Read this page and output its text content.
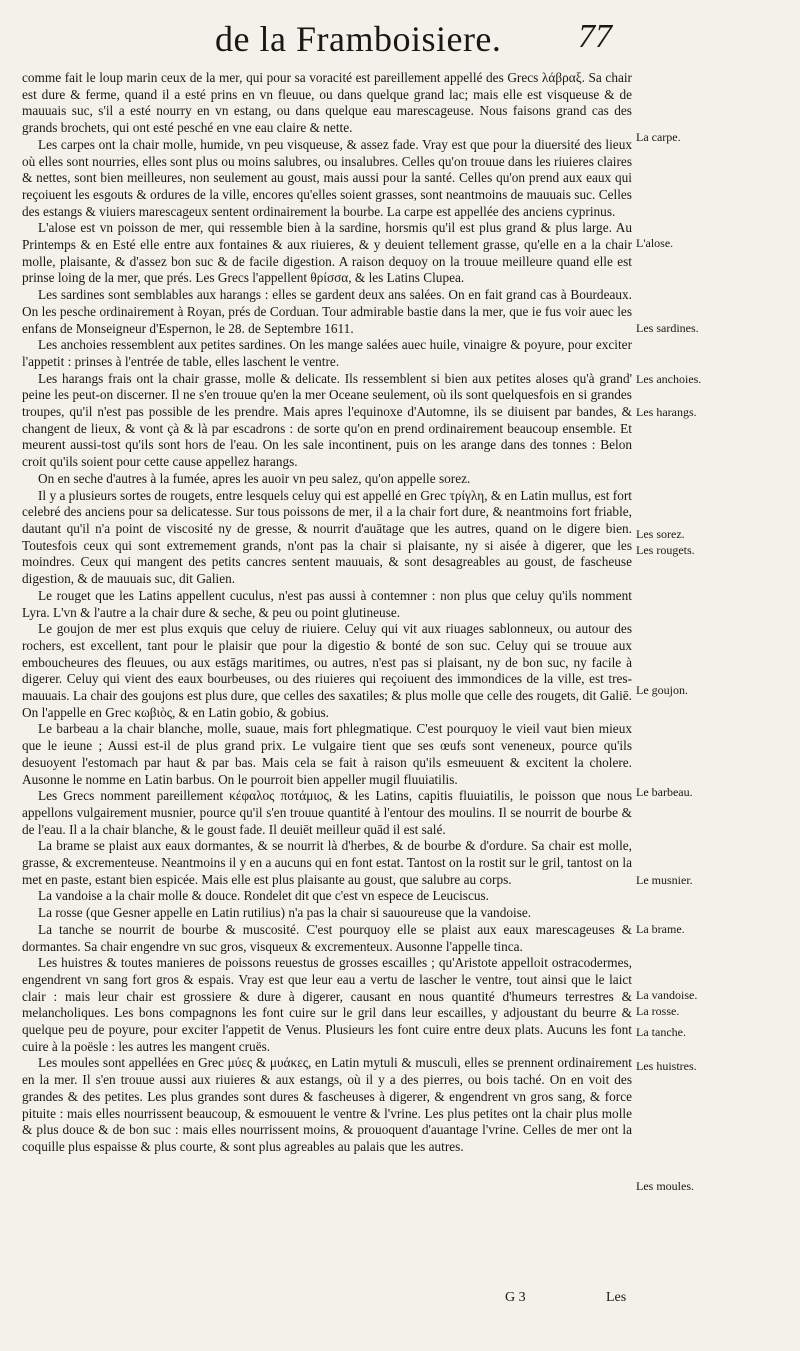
de la Framboisiere. 77

comme fait le loup marin ceux de la mer, qui pour sa voracité est pareillement appellé des Grecs λάβραξ. Sa chair est dure & ferme, quand il a esté prins en vn fleuue, ou dans quelque grand lac; mais elle est visqueuse & de mauuais suc, s'il a esté nourry en vn estang, ou dans quelque eau marescageuse. Nous faisons grand cas des grands brochets, qui ont esté pesché en vne eau claire & nette.

Les carpes ont la chair molle, humide, vn peu visqueuse, & assez fade. Vray est que pour la diuersité des lieux où elles sont nourries, elles sont plus ou moins salubres, ou insalubres. Celles qu'on trouue dans les riuieres claires & nettes, sont bien meilleures, non seulement au goust, mais aussi pour la santé. Celles qu'on prend aux eaux qui reçoiuent les esgouts & ordures de la ville, encores qu'elles soient grasses, sont neantmoins de mauuais suc. Celles des estangs & viuiers marescageux sentent ordinairement la bourbe. La carpe est appellée des anciens cyprinus.

L'alose est vn poisson de mer, qui ressemble bien à la sardine, horsmis qu'il est plus grand & plus large. Au Printemps & en Esté elle entre aux fontaines & aux riuieres, & y deuient tellement grasse, qu'elle en a la chair molle, plaisante, & d'assez bon suc & de facile digestion. A raison dequoy on la trouue meilleure quand elle est prinse loing de la mer, que prés. Les Grecs l'appellent θρίσσα, & les Latins Clupea.

Les sardines sont semblables aux harangs : elles se gardent deux ans salées. On en fait grand cas à Bourdeaux. On les pesche ordinairement à Royan, prés de Corduan. Tour admirable bastie dans la mer, que ie fus voir auec les enfans de Monseigneur d'Espernon, le 28. de Septembre 1611.

Les anchoies ressemblent aux petites sardines. On les mange salées auec huile, vinaigre & poyure, pour exciter l'appetit : prinses à l'entrée de table, elles laschent le ventre.

Les harangs frais ont la chair grasse, molle & delicate. Ils ressemblent si bien aux petites aloses qu'à grand' peine les peut-on discerner. Il ne s'en trouue qu'en la mer Oceane seulement, où ils sont quelquesfois en si grandes troupes, qu'il n'est pas possible de les prendre. Mais apres l'equinoxe d'Automne, ils se diuisent par bandes, & changent de lieux, & vont çà & là par escadrons : de sorte qu'on en prend ordinairement beaucoup ensemble. Et meurent aussi-tost qu'ils sont hors de l'eau. On les sale incontinent, puis on les arange dans des tonnes : Belon croit qu'ils soient pour cette cause appellez harangs.

On en seche d'autres à la fumée, apres les auoir vn peu salez, qu'on appelle sorez.

Il y a plusieurs sortes de rougets, entre lesquels celuy qui est appellé en Grec τρίγλη, & en Latin mullus, est fort celebré des anciens pour sa delicatesse. Sur tous poissons de mer, il a la chair fort dure, & neantmoins fort friable, dautant qu'il n'a point de viscosité ny de gresse, & nourrit d'auātage que les autres, quand on le digere bien. Toutesfois ceux qui sont extremement grands, n'ont pas la chair si plaisante, ny si aisée à digerer, que les moindres. Ceux qui mangent des petits cancres sentent mauuais, & sont desagreables au goust, de fascheuse digestion, & de mauuais suc, dit Galien.

Le rouget que les Latins appellent cuculus, n'est pas aussi à contemner : non plus que celuy qu'ils nomment Lyra. L'vn & l'autre a la chair dure & seche, & peu ou point glutineuse.

Le goujon de mer est plus exquis que celuy de riuiere. Celuy qui vit aux riuages sablonneux, ou autour des rochers, est excellent, tant pour le plaisir que pour la digestio & bonté de son suc. Celuy qui se trouue aux emboucheures des fleuues, ou aux estāgs maritimes, ou autres, n'est pas si plaisant, ny de bon suc, ny facile à digerer. Celuy qui vient des eaux bourbeuses, ou des riuieres qui reçoiuent des immondices de la ville, est tres-mauuais. La chair des goujons est plus dure, que celles des saxatiles; & plus molle que celle des rougets, dit Galiē. On l'appelle en Grec κωβιὸς, & en Latin gobio, & gobius.

Le barbeau a la chair blanche, molle, suaue, mais fort phlegmatique. C'est pourquoy le vieil vaut bien mieux que le ieune ; Aussi est-il de plus grand prix. Le vulgaire tient que ses œufs sont veneneux, pource qu'ils desuoyent l'estomach par haut & par bas. Mais cela se fait à raison qu'ils esmeuuent & excitent la cholere. Ausonne le nomme en Latin barbus. On le pourroit bien appeller mugil fluuiatilis.

Les Grecs nomment pareillement κέφαλος ποτάμιος, & les Latins, capitis fluuiatilis, le poisson que nous appellons vulgairement musnier, pource qu'il s'en trouue quantité à l'entour des moulins. Il se nourrit de bourbe & de l'eau. Il a la chair blanche, & le goust fade. Il deuiēt meilleur quād il est salé.

La brame se plaist aux eaux dormantes, & se nourrit là d'herbes, & de bourbe & d'ordure. Sa chair est molle, grasse, & excrementeuse. Neantmoins il y en a aucuns qui en font estat. Tantost on la rostit sur le gril, tantost on la met en paste, estant bien espicée. Mais elle est plus plaisante au goust, que salubre au corps.

La vandoise a la chair molle & douce. Rondelet dit que c'est vn espece de Leuciscus.

La rosse (que Gesner appelle en Latin rutilius) n'a pas la chair si sauoureuse que la vandoise.

La tanche se nourrit de bourbe & muscosité. C'est pourquoy elle se plaist aux eaux marescageuses & dormantes. Sa chair engendre vn suc gros, visqueux & excrementeux. Ausonne l'appelle tinca.

Les huistres & toutes manieres de poissons reuestus de grosses escailles ; qu'Aristote appelloit ostracodermes, engendrent vn sang fort gros & espais. Vray est que leur eau a vertu de lascher le ventre, tout ainsi que le laict clair : mais leur chair est grossiere & dure à digerer, causant en nous quantité d'humeurs terrestres & melancholiques. Les bons compagnons les font cuire sur le gril dans leur escailles, y adjoustant du beurre & quelque peu de poyure, pour exciter l'appetit de Venus. Plusieurs les font cuire entre deux plats. Aucuns les font cuire à la poësle : les autres les mangent cruës.

Les moules sont appellées en Grec μύες & μυάκες, en Latin mytuli & musculi, elles se prennent ordinairement en la mer. Il s'en trouue aussi aux riuieres & aux estangs, où il y a des pierres, ou bois taché. On en voit des grandes & des petites. Les plus grandes sont dures & fascheuses à digerer, & engendrent vn gros sang, & force pituite : mais elles nourrissent beaucoup, & esmouuent le ventre & l'vrine. Les plus petites ont la chair plus molle & plus douce & de bon suc : mais elles nourrissent moins, & prouoquent d'auantage l'vrine. Celles de mer ont la coquille plus espaisse & plus courte, & sont plus agreables au palais que les autres.

La carpe.
L'alose.
Les sardines.
Les anchoies.
Les harangs.
Les sorez.
Les rougets.
Le goujon.
Le barbeau.
Le musnier.
La brame.
La vandoise.
La rosse.
La tanche.
Les huistres.
Les moules.
G 3	Les
